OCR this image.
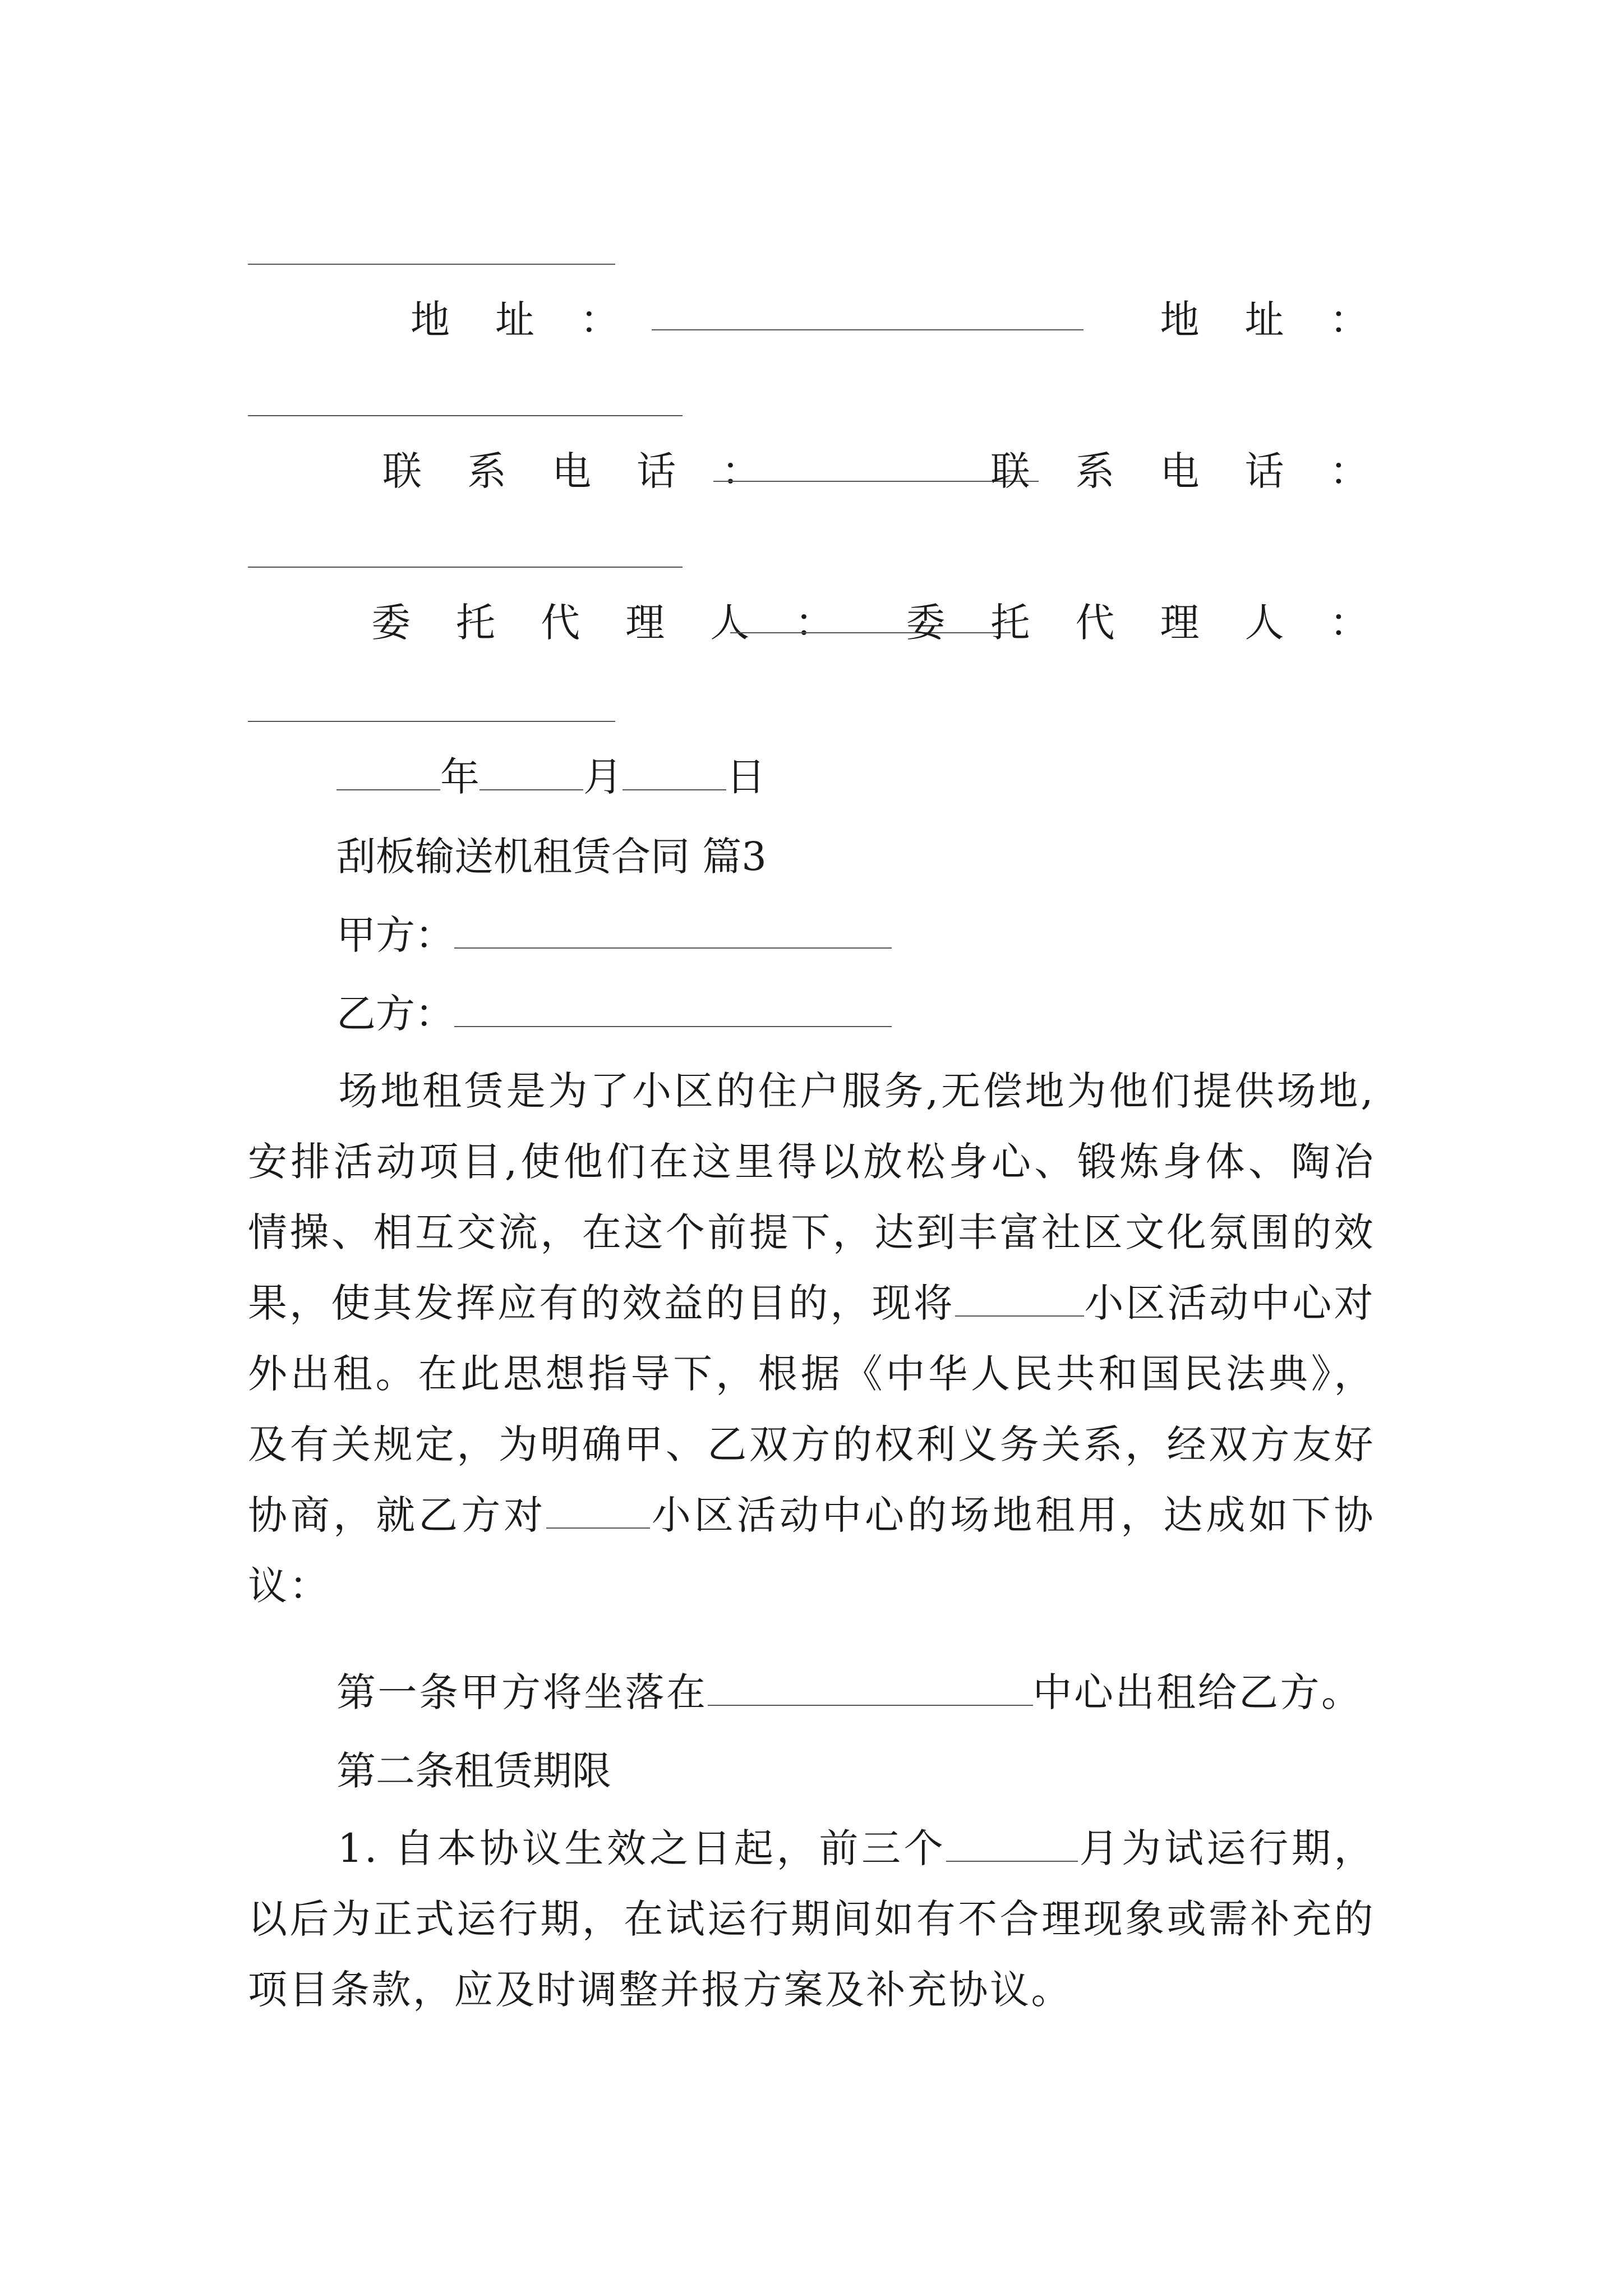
地 址 ：	地 址 ：
联 系 电 话 ：	联 系 电 话 ：
委 托 代 理 人 ： 委 托 代 理 人 ：
年	月	日
刮板输送机租赁合同 篇3
甲方：
乙方：
场地租赁是为了小区的住户服务,无偿地为他们提供场地,安排活动项目,使他们在这里得以放松身心、锻炼身体、陶冶情操、相互交流，在这个前提下，达到丰富社区文化氛围的效果，使其发挥应有的效益的目的，现将	小区活动中心对外出租。在此思想指导下，根据《中华人民共和国民法典》，及有关规定，为明确甲、乙双方的权利义务关系，经双方友好协商，就乙方对	小区活动中心的场地租用，达成如下协议：
第一条甲方将坐落在	中心出租给乙方。
第二条租赁期限
1. 自本协议生效之日起，前三个	月为试运行期，以后为正式运行期，在试运行期间如有不合理现象或需补充的项目条款，应及时调整并报方案及补充协议。
